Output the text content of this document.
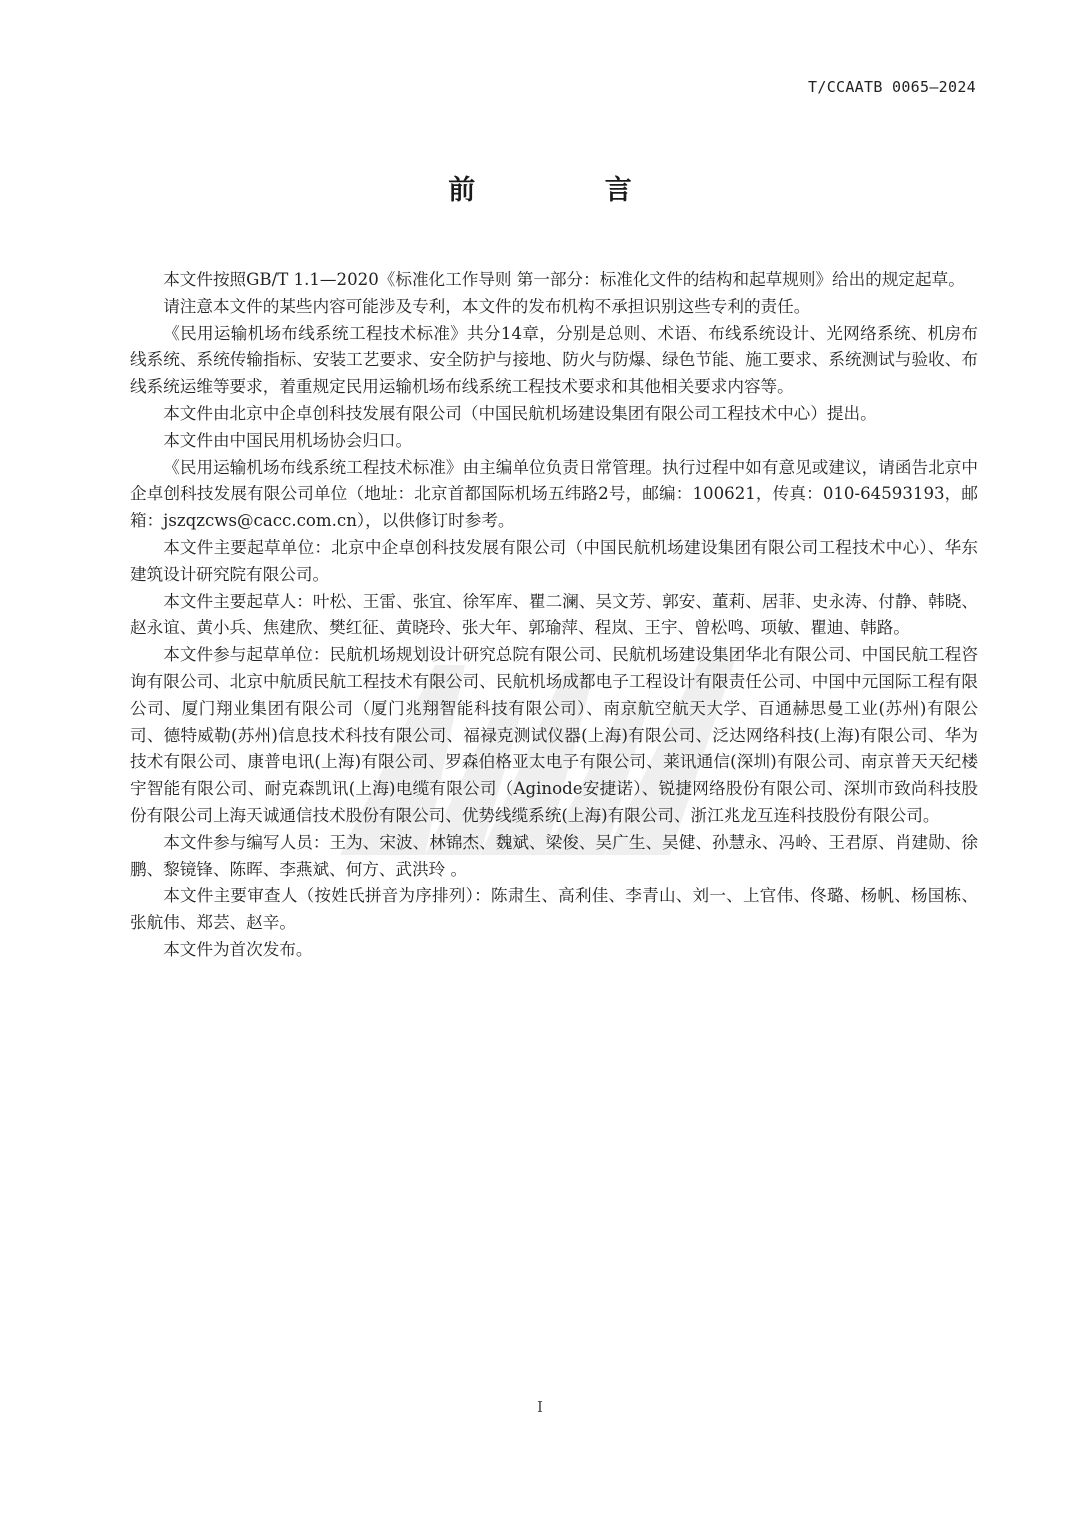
T/CCAATB 0065—2024
前 言

本文件按照GB/T 1.1—2020《标准化工作导则 第一部分：标准化文件的结构和起草规则》给出的规定起草。

请注意本文件的某些内容可能涉及专利，本文件的发布机构不承担识别这些专利的责任。

《民用运输机场布线系统工程技术标准》共分14章，分别是总则、术语、布线系统设计、光网络系统、机房布线系统、系统传输指标、安装工艺要求、安全防护与接地、防火与防爆、绿色节能、施工要求、系统测试与验收、布线系统运维等要求，着重规定民用运输机场布线系统工程技术要求和其他相关要求内容等。

本文件由北京中企卓创科技发展有限公司（中国民航机场建设集团有限公司工程技术中心）提出。

本文件由中国民用机场协会归口。

《民用运输机场布线系统工程技术标准》由主编单位负责日常管理。执行过程中如有意见或建议，请函告北京中企卓创科技发展有限公司单位（地址：北京首都国际机场五纬路2号，邮编：100621，传真：010-64593193，邮箱：jszqzcws@cacc.com.cn），以供修订时参考。

本文件主要起草单位：北京中企卓创科技发展有限公司（中国民航机场建设集团有限公司工程技术中心）、华东建筑设计研究院有限公司。

本文件主要起草人：叶松、王雷、张宜、徐军库、瞿二澜、吴文芳、郭安、董莉、居菲、史永涛、付静、韩晓、赵永谊、黄小兵、焦建欣、樊红征、黄晓玲、张大年、郭瑜萍、程岚、王宇、曾松鸣、项敏、瞿迪、韩路。

本文件参与起草单位：民航机场规划设计研究总院有限公司、民航机场建设集团华北有限公司、中国民航工程咨询有限公司、北京中航质民航工程技术有限公司、民航机场成都电子工程设计有限责任公司、中国中元国际工程有限公司、厦门翔业集团有限公司（厦门兆翔智能科技有限公司）、南京航空航天大学、百通赫思曼工业(苏州)有限公司、德特威勒(苏州)信息技术科技有限公司、福禄克测试仪器(上海)有限公司、泛达网络科技(上海)有限公司、华为技术有限公司、康普电讯(上海)有限公司、罗森伯格亚太电子有限公司、莱讯通信(深圳)有限公司、南京普天天纪楼宇智能有限公司、耐克森凯讯(上海)电缆有限公司（Aginode安捷诺）、锐捷网络股份有限公司、深圳市致尚科技股份有限公司上海天诚通信技术股份有限公司、优势线缆系统(上海)有限公司、浙江兆龙互连科技股份有限公司。

本文件参与编写人员：王为、宋波、林锦杰、魏斌、梁俊、吴广生、吴健、孙慧永、冯岭、王君原、肖建勋、徐鹏、黎镜锋、陈晖、李燕斌、何方、武洪玲 。

本文件主要审查人（按姓氏拼音为序排列）：陈肃生、高利佳、李青山、刘一、上官伟、佟璐、杨帆、杨国栋、张航伟、郑芸、赵辛。

本文件为首次发布。

I
